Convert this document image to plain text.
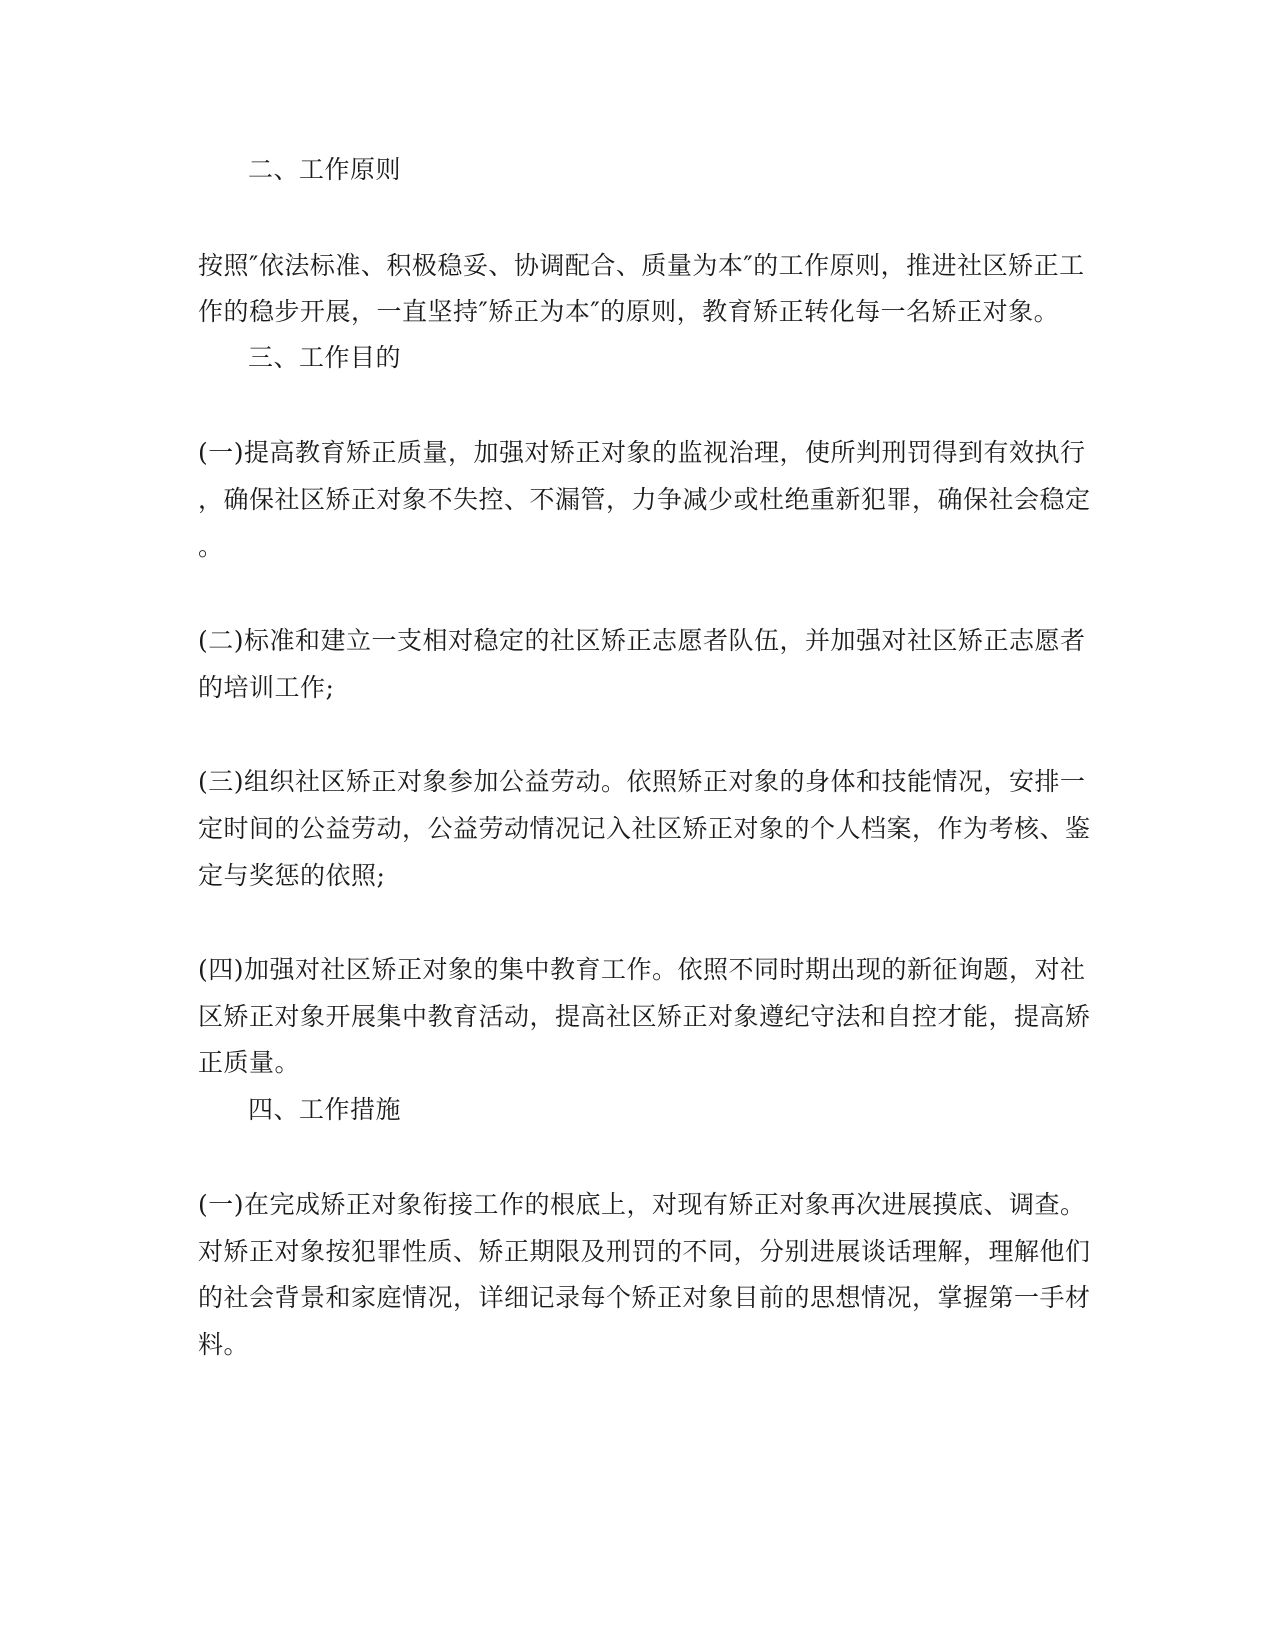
二、工作原则
按照″依法标准、积极稳妥、协调配合、质量为本″的工作原则，推进社区矫正工
作的稳步开展，一直坚持″矫正为本″的原则，教育矫正转化每一名矫正对象。
三、工作目的
(一)提高教育矫正质量，加强对矫正对象的监视治理，使所判刑罚得到有效执行
，确保社区矫正对象不失控、不漏管，力争减少或杜绝重新犯罪，确保社会稳定
。
(二)标准和建立一支相对稳定的社区矫正志愿者队伍，并加强对社区矫正志愿者
的培训工作;
(三)组织社区矫正对象参加公益劳动。依照矫正对象的身体和技能情况，安排一
定时间的公益劳动，公益劳动情况记入社区矫正对象的个人档案，作为考核、鉴
定与奖惩的依照;
(四)加强对社区矫正对象的集中教育工作。依照不同时期出现的新征询题，对社
区矫正对象开展集中教育活动，提高社区矫正对象遵纪守法和自控才能，提高矫
正质量。
四、工作措施
(一)在完成矫正对象衔接工作的根底上，对现有矫正对象再次进展摸底、调查。
对矫正对象按犯罪性质、矫正期限及刑罚的不同，分别进展谈话理解，理解他们
的社会背景和家庭情况，详细记录每个矫正对象目前的思想情况，掌握第一手材
料。
